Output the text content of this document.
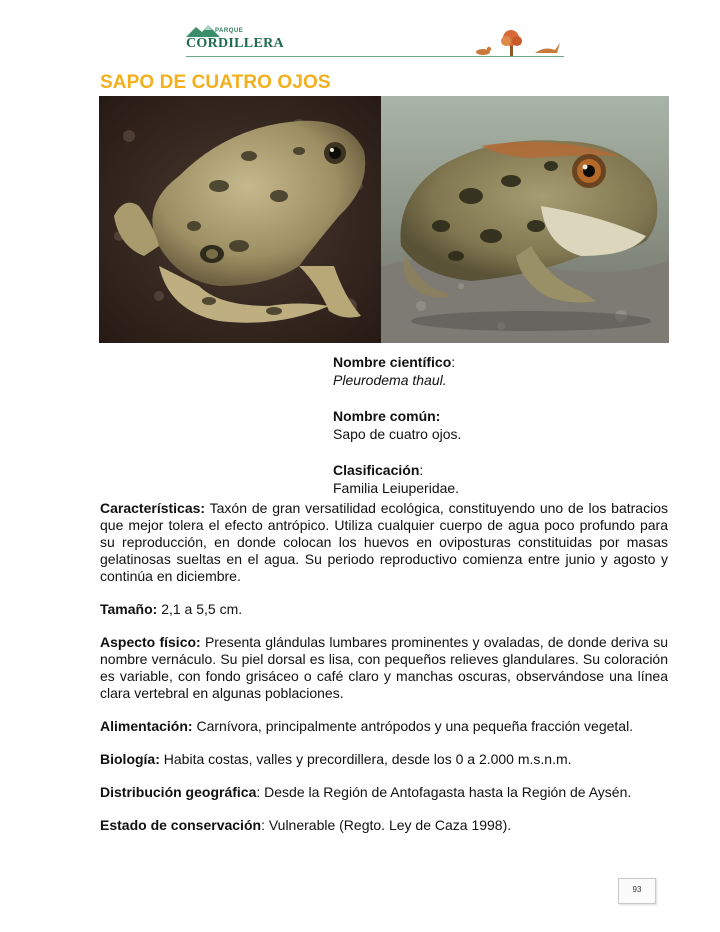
PARQUE
CORDILLERA
SAPO DE CUATRO OJOS
Nombre científico:
Pleurodema thaul.
Nombre común:
Sapo de cuatro ojos.
Clasificación:
Familia Leiuperidae.

Características: Taxón de gran versatilidad ecológica, constituyendo uno de los batracios que mejor tolera el efecto antrópico. Utiliza cualquier cuerpo de agua poco profundo para su reproducción, en donde colocan los huevos en oviposturas constituidas por masas gelatinosas sueltas en el agua. Su periodo reproductivo comienza entre junio y agosto y continúa en diciembre.

Tamaño: 2,1 a 5,5 cm.

Aspecto físico: Presenta glándulas lumbares prominentes y ovaladas, de donde deriva su nombre vernáculo. Su piel dorsal es lisa, con pequeños relieves glandulares. Su coloración es variable, con fondo grisáceo o café claro y manchas oscuras, observándose una línea clara vertebral en algunas poblaciones.

Alimentación: Carnívora, principalmente antrópodos y una pequeña fracción vegetal.

Biología: Habita costas, valles y precordillera, desde los 0 a 2.000 m.s.n.m.

Distribución geográfica: Desde la Región de Antofagasta hasta la Región de Aysén.

Estado de conservación: Vulnerable (Regto. Ley de Caza 1998).

93
